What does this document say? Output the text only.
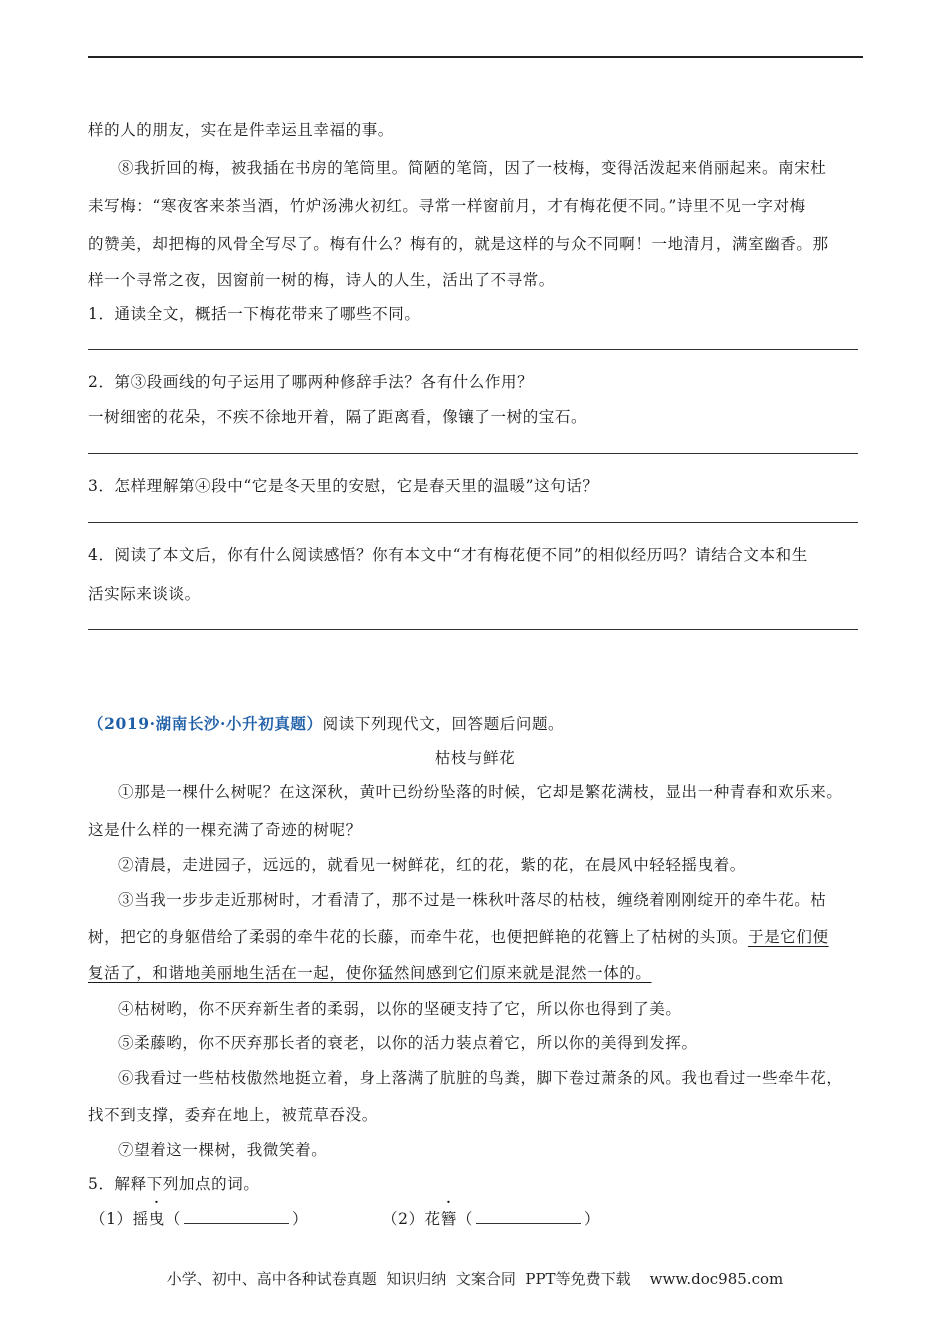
样的人的朋友，实在是件幸运且幸福的事。
⑧我折回的梅，被我插在书房的笔筒里。简陋的笔筒，因了一枝梅，变得活泼起来俏丽起来。南宋杜
耒写梅：“寒夜客来茶当酒，竹炉汤沸火初红。寻常一样窗前月，才有梅花便不同。”诗里不见一字对梅
的赞美，却把梅的风骨全写尽了。梅有什么？梅有的，就是这样的与众不同啊！一地清月，满室幽香。那
样一个寻常之夜，因窗前一树的梅，诗人的人生，活出了不寻常。
1．通读全文，概括一下梅花带来了哪些不同。
2．第③段画线的句子运用了哪两种修辞手法？各有什么作用？
一树细密的花朵，不疾不徐地开着，隔了距离看，像镶了一树的宝石。
3．怎样理解第④段中“它是冬天里的安慰，它是春天里的温暖”这句话？
4．阅读了本文后，你有什么阅读感悟？你有本文中“才有梅花便不同”的相似经历吗？请结合文本和生
活实际来谈谈。
（2019·湖南长沙·小升初真题）阅读下列现代文，回答题后问题。
枯枝与鲜花
①那是一棵什么树呢？在这深秋，黄叶已纷纷坠落的时候，它却是繁花满枝，显出一种青春和欢乐来。
这是什么样的一棵充满了奇迹的树呢？
②清晨，走进园子，远远的，就看见一树鲜花，红的花，紫的花，在晨风中轻轻摇曳着。
③当我一步步走近那树时，才看清了，那不过是一株秋叶落尽的枯枝，缠绕着刚刚绽开的牵牛花。枯
树，把它的身躯借给了柔弱的牵牛花的长藤，而牵牛花，也便把鲜艳的花簪上了枯树的头顶。于是它们便
复活了，和谐地美丽地生活在一起，使你猛然间感到它们原来就是混然一体的。
④枯树哟，你不厌弃新生者的柔弱，以你的坚硬支持了它，所以你也得到了美。
⑤柔藤哟，你不厌弃那长者的衰老，以你的活力装点着它，所以你的美得到发挥。
⑥我看过一些枯枝傲然地挺立着，身上落满了肮脏的鸟粪，脚下卷过萧条的风。我也看过一些牵牛花，
找不到支撑，委弃在地上，被荒草吞没。
⑦望着这一棵树，我微笑着。
5．解释下列加点的词。
（1）摇曳（	）	（2）花簪（	）
小学、初中、高中各种试卷真题  知识归纳  文案合同  PPT等免费下载    www.doc985.com
